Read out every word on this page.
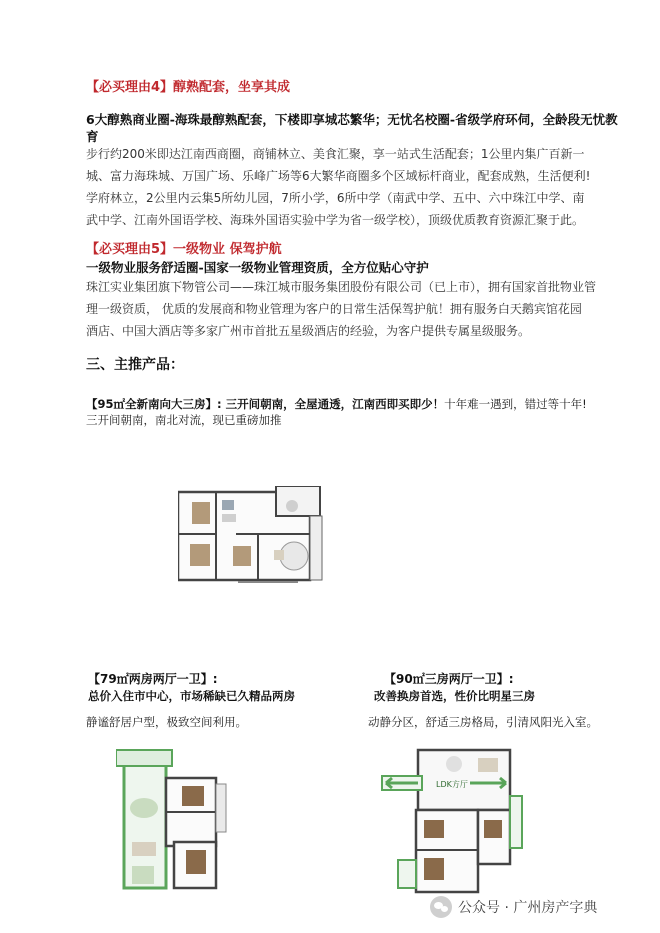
【必买理由4】醇熟配套，坐享其成
6大醇熟商业圈-海珠最醇熟配套，下楼即享城芯繁华；无忧名校圈-省级学府环伺，全龄段无忧教
育
步行约200米即达江南西商圈，商铺林立、美食汇聚，享一站式生活配套；1公里内集广百新一
城、富力海珠城、万国广场、乐峰广场等6大繁华商圈多个区域标杆商业，配套成熟，生活便利!
学府林立，2公里内云集5所幼儿园，7所小学，6所中学（南武中学、五中、六中珠江中学、南
武中学、江南外国语学校、海珠外国语实验中学为省一级学校），顶级优质教育资源汇聚于此。
【必买理由5】一级物业 保驾护航
一级物业服务舒适圈-国家一级物业管理资质，全方位贴心守护
珠江实业集团旗下物管公司——珠江城市服务集团股份有限公司（已上市），拥有国家首批物业管
理一级资质， 优质的发展商和物业管理为客户的日常生活保驾护航！拥有服务白天鹅宾馆花园
酒店、中国大酒店等多家广州市首批五星级酒店的经验，为客户提供专属星级服务。
三、主推产品：
【95㎡全新南向大三房】: 三开间朝南，全屋通透，江南西即买即少！十年难一遇到，错过等十年!
三开间朝南，南北对流，现已重磅加推
【79㎡两房两厅一卫】:
总价入住市中心，市场稀缺已久精品两房
静谧舒居户型，极致空间利用。
【90㎡三房两厅一卫】:
改善换房首选，性价比明星三房
动静分区，舒适三房格局，引清风阳光入室。
LDK方厅
公众号 · 广州房产字典
